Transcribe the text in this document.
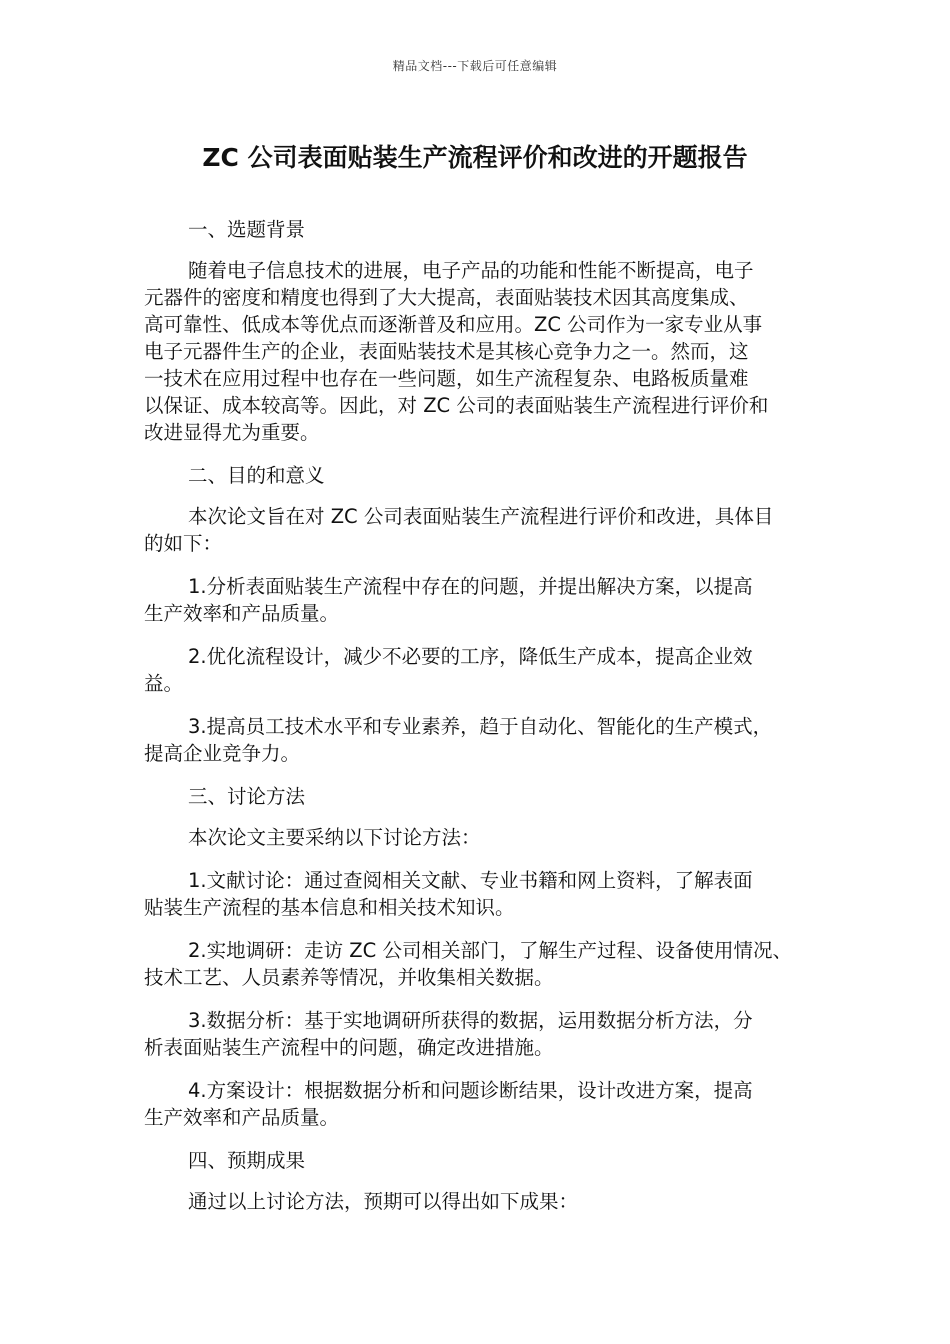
精品文档---下载后可任意编辑
ZC 公司表面贴装生产流程评价和改进的开题报告

一、选题背景

随着电子信息技术的进展，电子产品的功能和性能不断提高，电子
元器件的密度和精度也得到了大大提高，表面贴装技术因其高度集成、
高可靠性、低成本等优点而逐渐普及和应用。ZC 公司作为一家专业从事
电子元器件生产的企业，表面贴装技术是其核心竞争力之一。然而，这
一技术在应用过程中也存在一些问题，如生产流程复杂、电路板质量难
以保证、成本较高等。因此，对 ZC 公司的表面贴装生产流程进行评价和
改进显得尤为重要。

二、目的和意义

本次论文旨在对 ZC 公司表面贴装生产流程进行评价和改进，具体目
的如下：

1.分析表面贴装生产流程中存在的问题，并提出解决方案，以提高
生产效率和产品质量。

2.优化流程设计，减少不必要的工序，降低生产成本，提高企业效
益。

3.提高员工技术水平和专业素养，趋于自动化、智能化的生产模式，
提高企业竞争力。

三、讨论方法

本次论文主要采纳以下讨论方法：

1.文献讨论：通过查阅相关文献、专业书籍和网上资料，了解表面
贴装生产流程的基本信息和相关技术知识。

2.实地调研：走访 ZC 公司相关部门，了解生产过程、设备使用情况、
技术工艺、人员素养等情况，并收集相关数据。

3.数据分析：基于实地调研所获得的数据，运用数据分析方法，分
析表面贴装生产流程中的问题，确定改进措施。

4.方案设计：根据数据分析和问题诊断结果，设计改进方案，提高
生产效率和产品质量。

四、预期成果

通过以上讨论方法，预期可以得出如下成果：
